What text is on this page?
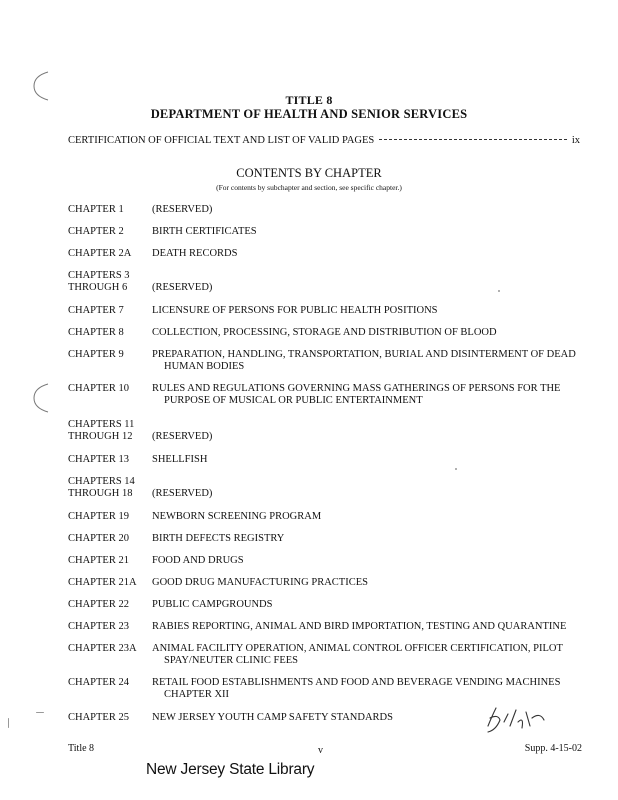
TITLE 8
DEPARTMENT OF HEALTH AND SENIOR SERVICES
CERTIFICATION OF OFFICIAL TEXT AND LIST OF VALID PAGES	ix
CONTENTS BY CHAPTER
(For contents by subchapter and section, see specific chapter.)
CHAPTER 1	(RESERVED)
CHAPTER 2	BIRTH CERTIFICATES
CHAPTER 2A	DEATH RECORDS
CHAPTERS 3
THROUGH 6	(RESERVED)
CHAPTER 7	LICENSURE OF PERSONS FOR PUBLIC HEALTH POSITIONS
CHAPTER 8	COLLECTION, PROCESSING, STORAGE AND DISTRIBUTION OF BLOOD
CHAPTER 9	PREPARATION, HANDLING, TRANSPORTATION, BURIAL AND DISINTERMENT OF DEAD
HUMAN BODIES
CHAPTER 10	RULES AND REGULATIONS GOVERNING MASS GATHERINGS OF PERSONS FOR THE
PURPOSE OF MUSICAL OR PUBLIC ENTERTAINMENT
CHAPTERS 11
THROUGH 12	(RESERVED)
CHAPTER 13	SHELLFISH
CHAPTERS 14
THROUGH 18	(RESERVED)
CHAPTER 19	NEWBORN SCREENING PROGRAM
CHAPTER 20	BIRTH DEFECTS REGISTRY
CHAPTER 21	FOOD AND DRUGS
CHAPTER 21A	GOOD DRUG MANUFACTURING PRACTICES
CHAPTER 22	PUBLIC CAMPGROUNDS
CHAPTER 23	RABIES REPORTING, ANIMAL AND BIRD IMPORTATION, TESTING AND QUARANTINE
CHAPTER 23A	ANIMAL FACILITY OPERATION, ANIMAL CONTROL OFFICER CERTIFICATION, PILOT
SPAY/NEUTER CLINIC FEES
CHAPTER 24	RETAIL FOOD ESTABLISHMENTS AND FOOD AND BEVERAGE VENDING MACHINES
CHAPTER XII
CHAPTER 25	NEW JERSEY YOUTH CAMP SAFETY STANDARDS
Title 8	v	Supp. 4-15-02
New Jersey State Library
